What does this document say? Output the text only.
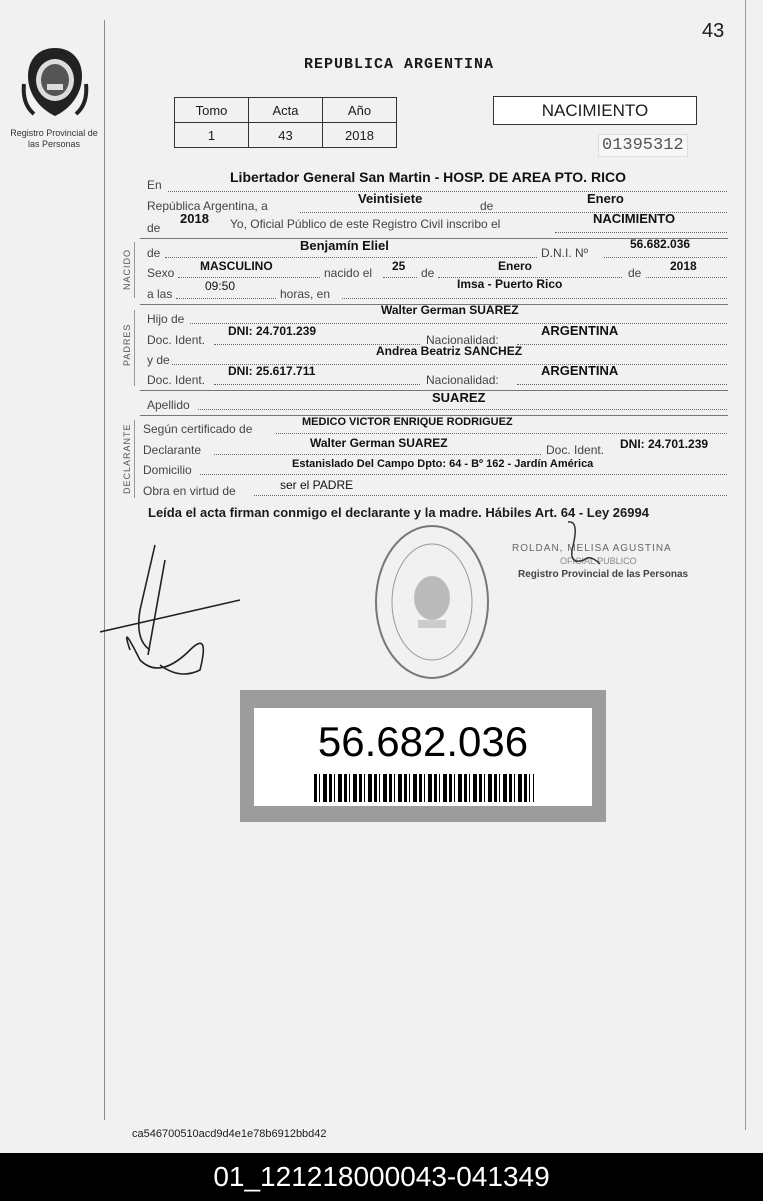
43
Registro Provincial de las Personas
REPUBLICA ARGENTINA
Tomo	Acta	Año
1	43	2018
NACIMIENTO
01395312
En	Libertador General San Martin - HOSP. DE AREA PTO. RICO
República Argentina, a	Veintisiete	de	Enero
de
2018 Yo, Oficial Público de este Registro Civil inscribo el	NACIMIENTO
NACIDO de	Benjamín Eliel	D.N.I. Nº
56.682.036
Sexo MASCULINO	nacido el 25 de	Enero	de 2018
a las
09:50
horas, en
Imsa - Puerto Rico
PADRES
Hijo de
Walter German SUAREZ
Doc. Ident.
DNI: 24.701.239
Nacionalidad:
ARGENTINA
y de
Andrea Beatriz SANCHEZ
Doc. Ident.
DNI: 25.617.711
Nacionalidad:
ARGENTINA
Apellido	SUAREZ
DECLARANTE Según certificado de	MEDICO VICTOR ENRIQUE RODRIGUEZ
Declarante	Walter German SUAREZ	Doc. Ident. DNI: 24.701.239
Domicilio	Estanislado Del Campo Dpto: 64 - Bº 162 - Jardín América
Obra en virtud de	ser el PADRE
Leída el acta firman conmigo el declarante y la madre. Hábiles Art. 64 - Ley 26994
ROLDAN, MELISA AGUSTINA
OFICIAL PUBLICO
Registro Provincial de las Personas
56.682.036
ca546700510acd9d4e1e78b6912bbd42
01_121218000043-041349
